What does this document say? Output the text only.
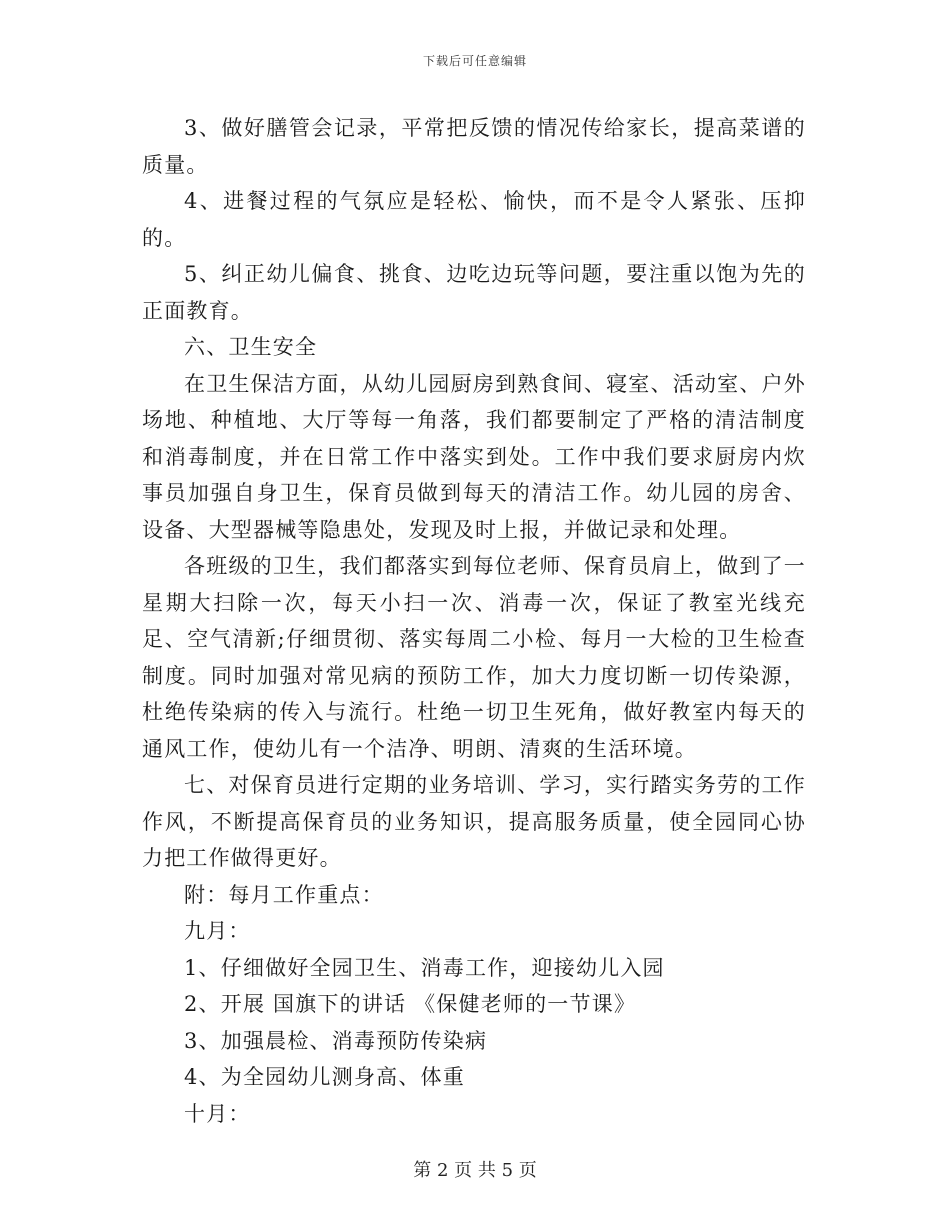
下载后可任意编辑

3、做好膳管会记录，平常把反馈的情况传给家长，提高菜谱的质量。

4、进餐过程的气氛应是轻松、愉快，而不是令人紧张、压抑的。

5、纠正幼儿偏食、挑食、边吃边玩等问题，要注重以饱为先的正面教育。

六、卫生安全

在卫生保洁方面，从幼儿园厨房到熟食间、寝室、活动室、户外场地、种植地、大厅等每一角落，我们都要制定了严格的清洁制度和消毒制度，并在日常工作中落实到处。工作中我们要求厨房内炊事员加强自身卫生，保育员做到每天的清洁工作。幼儿园的房舍、设备、大型器械等隐患处，发现及时上报，并做记录和处理。

各班级的卫生，我们都落实到每位老师、保育员肩上，做到了一星期大扫除一次，每天小扫一次、消毒一次，保证了教室光线充足、空气清新;仔细贯彻、落实每周二小检、每月一大检的卫生检查制度。同时加强对常见病的预防工作，加大力度切断一切传染源，杜绝传染病的传入与流行。杜绝一切卫生死角，做好教室内每天的通风工作，使幼儿有一个洁净、明朗、清爽的生活环境。

七、对保育员进行定期的业务培训、学习，实行踏实务劳的工作作风，不断提高保育员的业务知识，提高服务质量，使全园同心协力把工作做得更好。

附：每月工作重点：

九月：

1、仔细做好全园卫生、消毒工作，迎接幼儿入园

2、开展 国旗下的讲话 《保健老师的一节课》

3、加强晨检、消毒预防传染病

4、为全园幼儿测身高、体重

十月：

第 2 页 共 5 页
